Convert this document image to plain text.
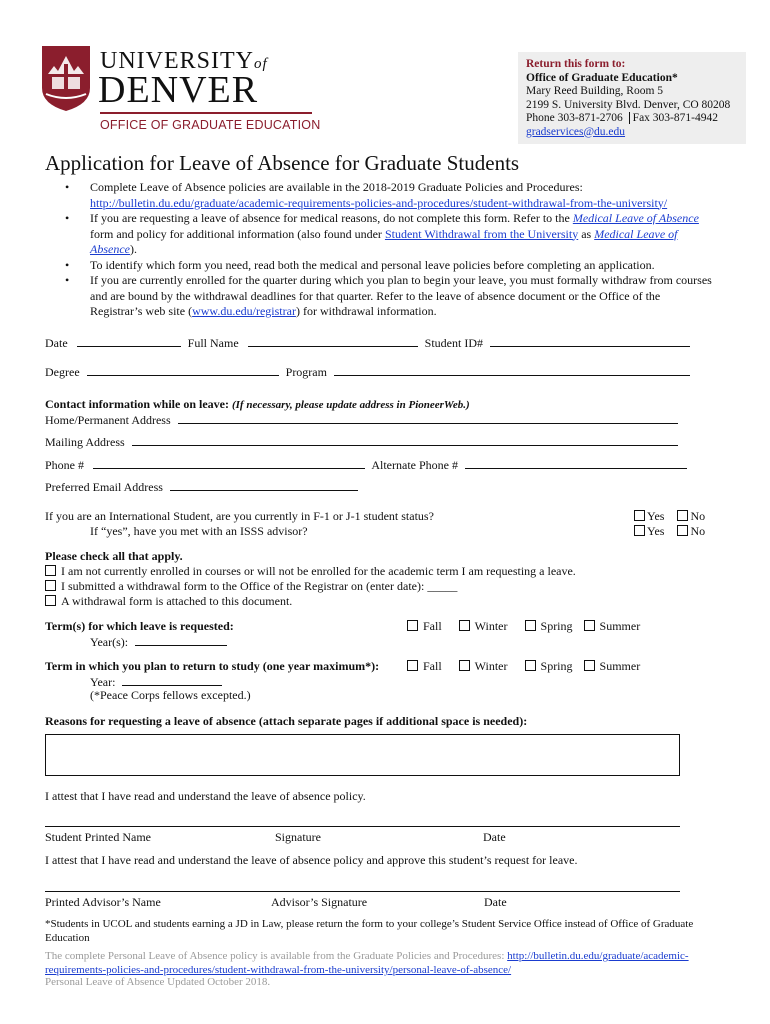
UNIVERSITYof
DENVER
OFFICE OF GRADUATE EDUCATION
Return this form to:
Office of Graduate Education*
Mary Reed Building, Room 5
2199 S. University Blvd. Denver, CO 80208
Phone 303-871-2706 Fax 303-871-4942
gradservices@du.edu
Application for Leave of Absence for Graduate Students
• Complete Leave of Absence policies are available in the 2018-2019 Graduate Policies and Procedures:
http://bulletin.du.edu/graduate/academic-requirements-policies-and-procedures/student-withdrawal-from-the-university/
• If you are requesting a leave of absence for medical reasons, do not complete this form. Refer to the Medical Leave of Absence form and policy for additional information (also found under Student Withdrawal from the University as Medical Leave of Absence).
• To identify which form you need, read both the medical and personal leave policies before completing an application.
• If you are currently enrolled for the quarter during which you plan to begin your leave, you must formally withdraw from courses and are bound by the withdrawal deadlines for that quarter. Refer to the leave of absence document or the Office of the Registrar’s web site (www.du.edu/registrar) for withdrawal information.
Date	Full Name	Student ID#
Degree	Program
Contact information while on leave: (If necessary, please update address in PioneerWeb.)
Home/Permanent Address
Mailing Address
Phone #	Alternate Phone #
Preferred Email Address
If you are an International Student, are you currently in F-1 or J-1 student status?
If “yes”, have you met with an ISSS advisor?
Yes No
Yes No
Please check all that apply.
I am not currently enrolled in courses or will not be enrolled for the academic term I am requesting a leave.
I submitted a withdrawal form to the Office of the Registrar on (enter date): _____
A withdrawal form is attached to this document.
Term(s) for which leave is requested:
Year(s):
Fall	Winter	Spring Summer
Term in which you plan to return to study (one year maximum*):	Fall	Winter	Spring Summer
Year:
(*Peace Corps fellows excepted.)
Reasons for requesting a leave of absence (attach separate pages if additional space is needed):
I attest that I have read and understand the leave of absence policy.
Student Printed Name	Signature	Date
I attest that I have read and understand the leave of absence policy and approve this student’s request for leave.
Printed Advisor’s Name	Advisor’s Signature	Date
*Students in UCOL and students earning a JD in Law, please return the form to your college’s Student Service Office instead of Office of Graduate Education
The complete Personal Leave of Absence policy is available from the Graduate Policies and Procedures: http://bulletin.du.edu/graduate/academic-requirements-policies-and-procedures/student-withdrawal-from-the-university/personal-leave-of-absence/
Personal Leave of Absence Updated October 2018.
